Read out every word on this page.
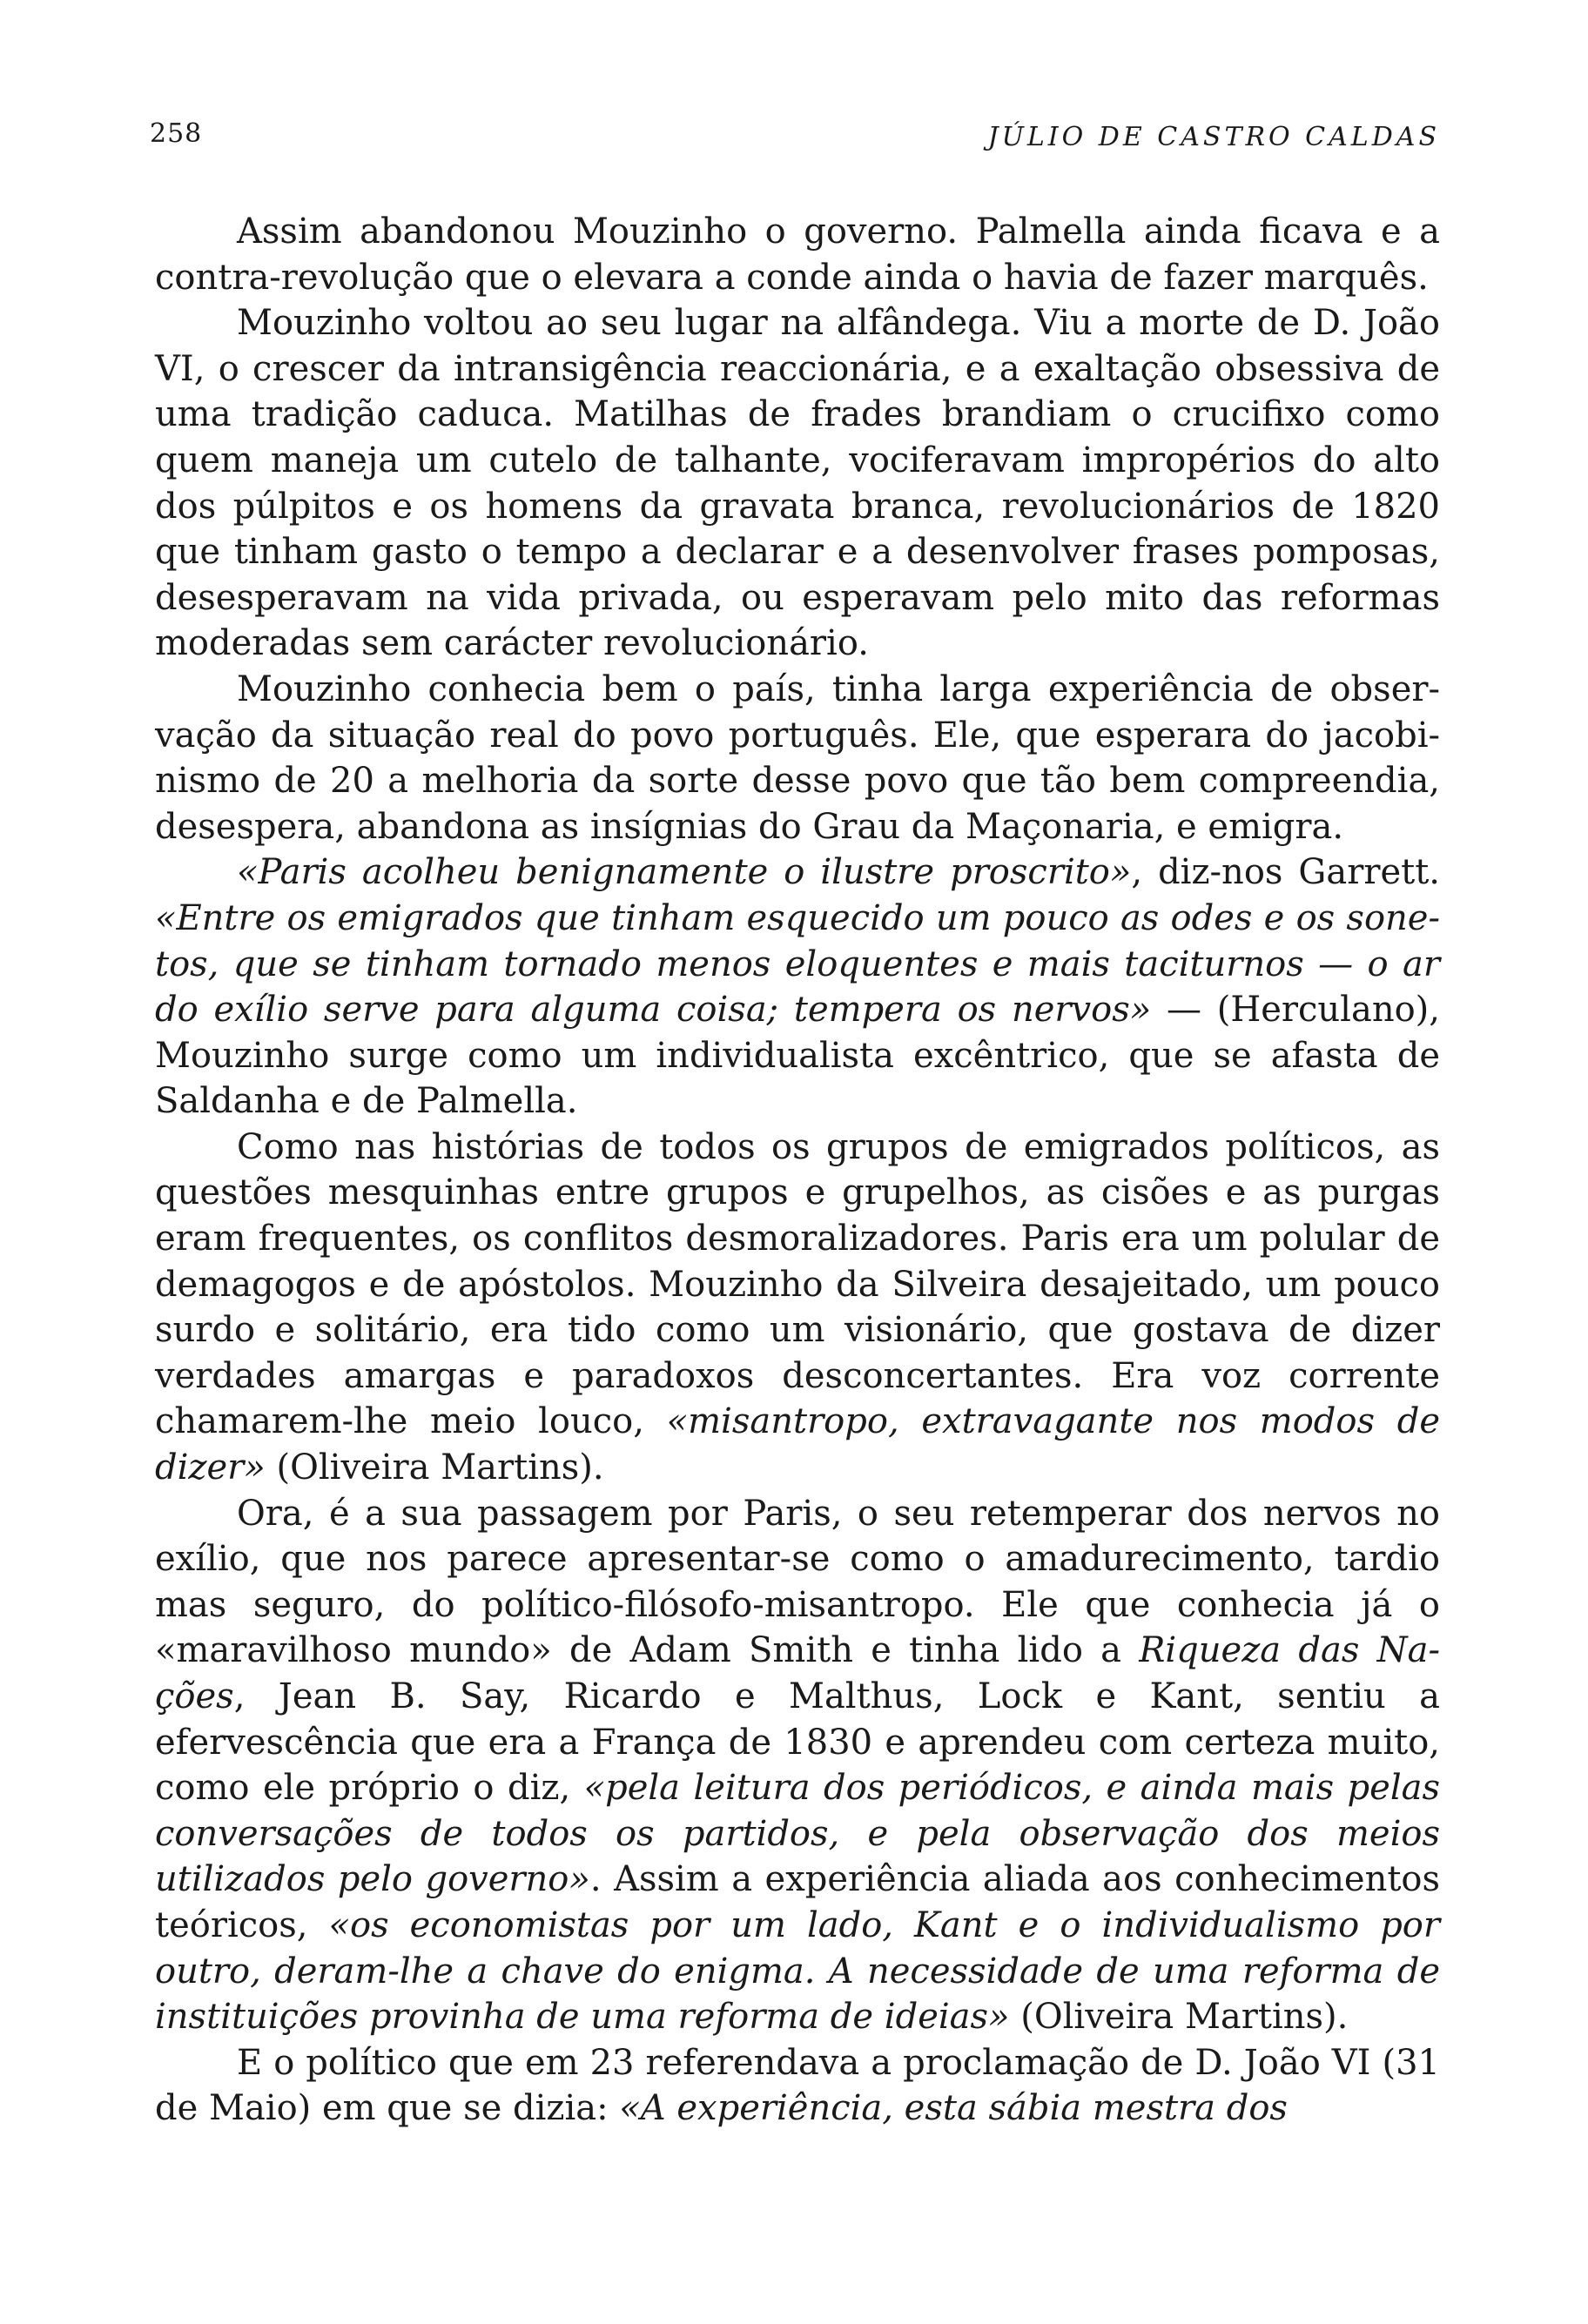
258	JÚLIO DE CASTRO CALDAS

Assim abandonou Mouzinho o governo. Palmella ainda ficava e a contra-revolução que o elevara a conde ainda o havia de fazer marquês.

Mouzinho voltou ao seu lugar na alfândega. Viu a morte de D. João VI, o crescer da intransigência reaccionária, e a exaltação obsessiva de uma tradição caduca. Matilhas de frades brandiam o crucifixo como quem maneja um cutelo de talhante, vociferavam impropérios do alto dos púlpitos e os homens da gravata branca, revolucionários de 1820 que tinham gasto o tempo a declarar e a desenvolver frases pomposas, desesperavam na vida privada, ou esperavam pelo mito das reformas moderadas sem carácter revolucionário.

Mouzinho conhecia bem o país, tinha larga experiência de observação da situação real do povo português. Ele, que esperara do jacobinismo de 20 a melhoria da sorte desse povo que tão bem compreendia, desespera, abandona as insígnias do Grau da Maçonaria, e emigra.

«Paris acolheu benignamente o ilustre proscrito», diz-nos Garrett. «Entre os emigrados que tinham esquecido um pouco as odes e os sonetos, que se tinham tornado menos eloquentes e mais taciturnos — o ar do exílio serve para alguma coisa; tempera os nervos» — (Herculano), Mouzinho surge como um individualista excêntrico, que se afasta de Saldanha e de Palmella.

Como nas histórias de todos os grupos de emigrados políticos, as questões mesquinhas entre grupos e grupelhos, as cisões e as purgas eram frequentes, os conflitos desmoralizadores. Paris era um polular de demagogos e de apóstolos. Mouzinho da Silveira desajeitado, um pouco surdo e solitário, era tido como um visionário, que gostava de dizer verdades amargas e paradoxos desconcertantes. Era voz corrente chamarem-lhe meio louco, «misantropo, extravagante nos modos de dizer» (Oliveira Martins).

Ora, é a sua passagem por Paris, o seu retemperar dos nervos no exílio, que nos parece apresentar-se como o amadurecimento, tardio mas seguro, do político-filósofo-misantropo. Ele que conhecia já o «maravilhoso mundo» de Adam Smith e tinha lido a Riqueza das Nações, Jean B. Say, Ricardo e Malthus, Lock e Kant, sentiu a efervescência que era a França de 1830 e aprendeu com certeza muito, como ele próprio o diz, «pela leitura dos periódicos, e ainda mais pelas conversações de todos os partidos, e pela observação dos meios utilizados pelo governo». Assim a experiência aliada aos conhecimentos teóricos, «os economistas por um lado, Kant e o individualismo por outro, deram-lhe a chave do enigma. A necessidade de uma reforma de instituições provinha de uma reforma de ideias» (Oliveira Martins).

E o político que em 23 referendava a proclamação de D. João VI (31 de Maio) em que se dizia: «A experiência, esta sábia mestra dos
